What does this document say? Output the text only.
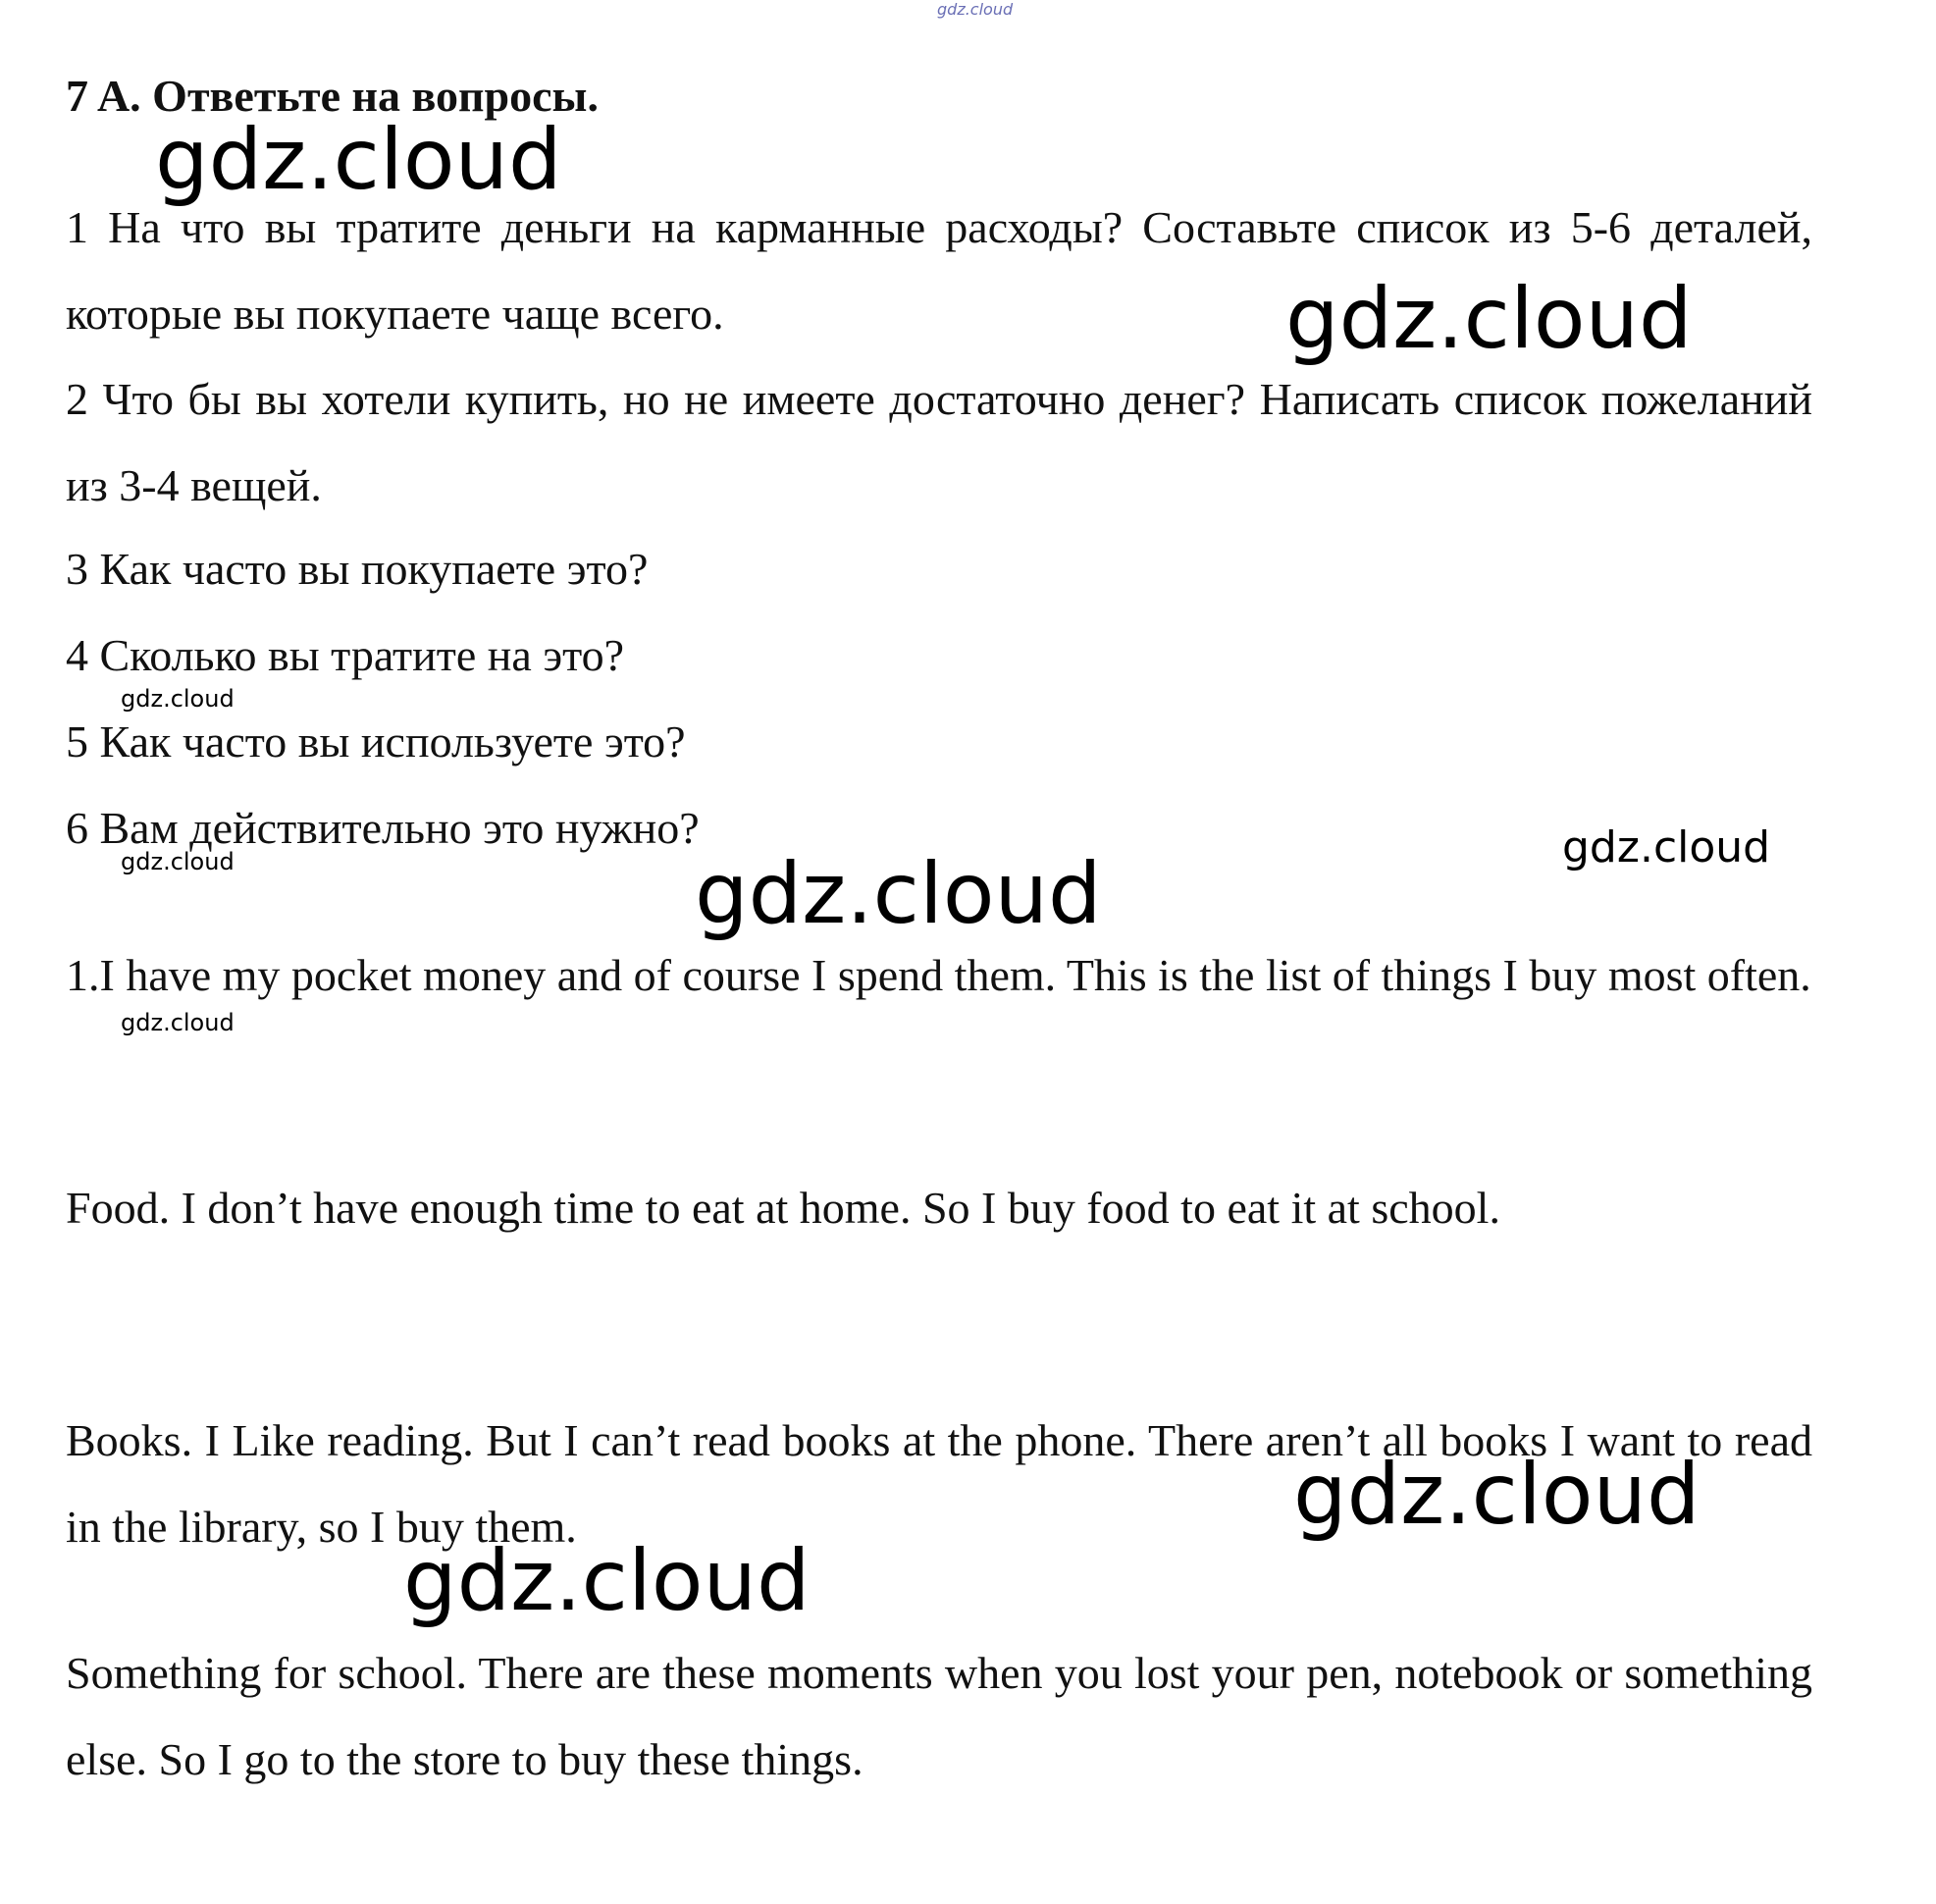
gdz.cloud
7 A. Ответьте на вопросы.
1 На что вы тратите деньги на карманные расходы? Составьте список из 5-6 деталей, которые вы покупаете чаще всего.
2 Что бы вы хотели купить, но не имеете достаточно денег? Написать список пожеланий из 3-4 вещей.
3 Как часто вы покупаете это?
4 Сколько вы тратите на это?
5 Как часто вы используете это?
6 Вам действительно это нужно?
1.I have my pocket money and of course I spend them. This is the list of things I buy most often.
Food. I don’t have enough time to eat at home. So I buy food to eat it at school.
Books. I Like reading. But I can’t read books at the phone. There aren’t all books I want to read in the library, so I buy them.
Something for school. There are these moments when you lost your pen, notebook or something else. So I go to the store to buy these things.
gdz.cloud
gdz.cloud
gdz.cloud
gdz.cloud	gdz.cloud
gdz.cloud
gdz.cloud
gdz.cloud
gdz.cloud
